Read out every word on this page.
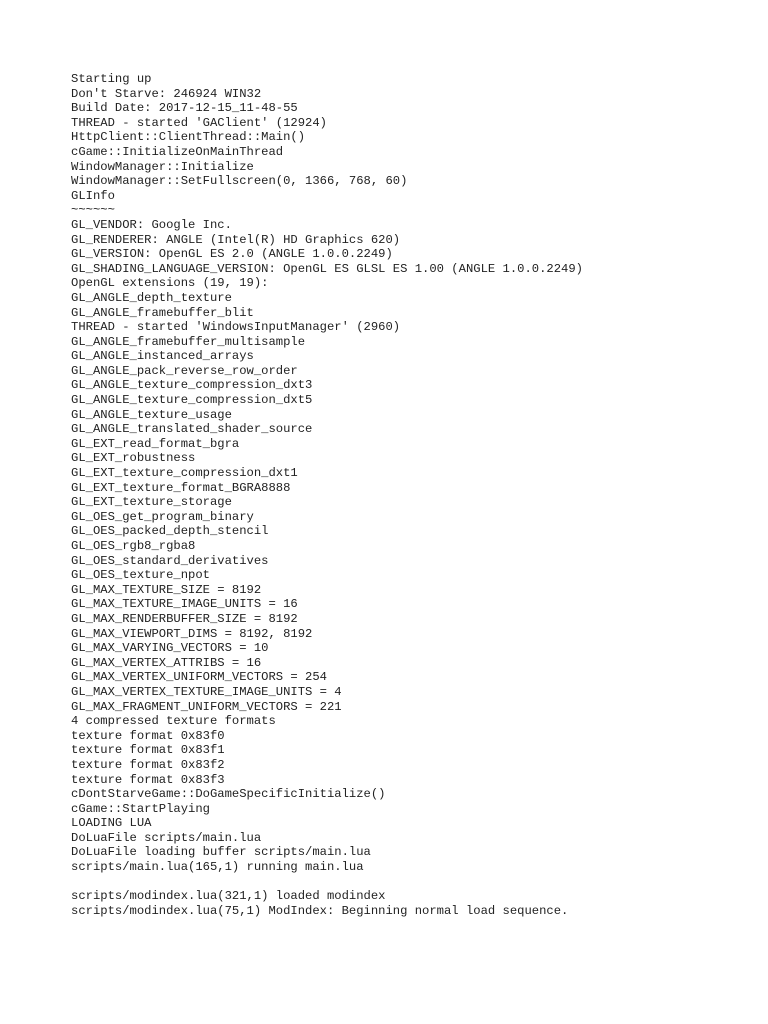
Starting up
Don't Starve: 246924 WIN32
Build Date: 2017-12-15_11-48-55
THREAD - started 'GAClient' (12924)
HttpClient::ClientThread::Main()
cGame::InitializeOnMainThread
WindowManager::Initialize
WindowManager::SetFullscreen(0, 1366, 768, 60)
GLInfo
~~~~~~
GL_VENDOR: Google Inc.
GL_RENDERER: ANGLE (Intel(R) HD Graphics 620)
GL_VERSION: OpenGL ES 2.0 (ANGLE 1.0.0.2249)
GL_SHADING_LANGUAGE_VERSION: OpenGL ES GLSL ES 1.00 (ANGLE 1.0.0.2249)
OpenGL extensions (19, 19):
GL_ANGLE_depth_texture
GL_ANGLE_framebuffer_blit
THREAD - started 'WindowsInputManager' (2960)
GL_ANGLE_framebuffer_multisample
GL_ANGLE_instanced_arrays
GL_ANGLE_pack_reverse_row_order
GL_ANGLE_texture_compression_dxt3
GL_ANGLE_texture_compression_dxt5
GL_ANGLE_texture_usage
GL_ANGLE_translated_shader_source
GL_EXT_read_format_bgra
GL_EXT_robustness
GL_EXT_texture_compression_dxt1
GL_EXT_texture_format_BGRA8888
GL_EXT_texture_storage
GL_OES_get_program_binary
GL_OES_packed_depth_stencil
GL_OES_rgb8_rgba8
GL_OES_standard_derivatives
GL_OES_texture_npot
GL_MAX_TEXTURE_SIZE = 8192
GL_MAX_TEXTURE_IMAGE_UNITS = 16
GL_MAX_RENDERBUFFER_SIZE = 8192
GL_MAX_VIEWPORT_DIMS = 8192, 8192
GL_MAX_VARYING_VECTORS = 10
GL_MAX_VERTEX_ATTRIBS = 16
GL_MAX_VERTEX_UNIFORM_VECTORS = 254
GL_MAX_VERTEX_TEXTURE_IMAGE_UNITS = 4
GL_MAX_FRAGMENT_UNIFORM_VECTORS = 221
4 compressed texture formats
texture format 0x83f0
texture format 0x83f1
texture format 0x83f2
texture format 0x83f3
cDontStarveGame::DoGameSpecificInitialize()
cGame::StartPlaying
LOADING LUA
DoLuaFile scripts/main.lua
DoLuaFile loading buffer scripts/main.lua
scripts/main.lua(165,1) running main.lua
scripts/modindex.lua(321,1) loaded modindex
scripts/modindex.lua(75,1) ModIndex: Beginning normal load sequence.
